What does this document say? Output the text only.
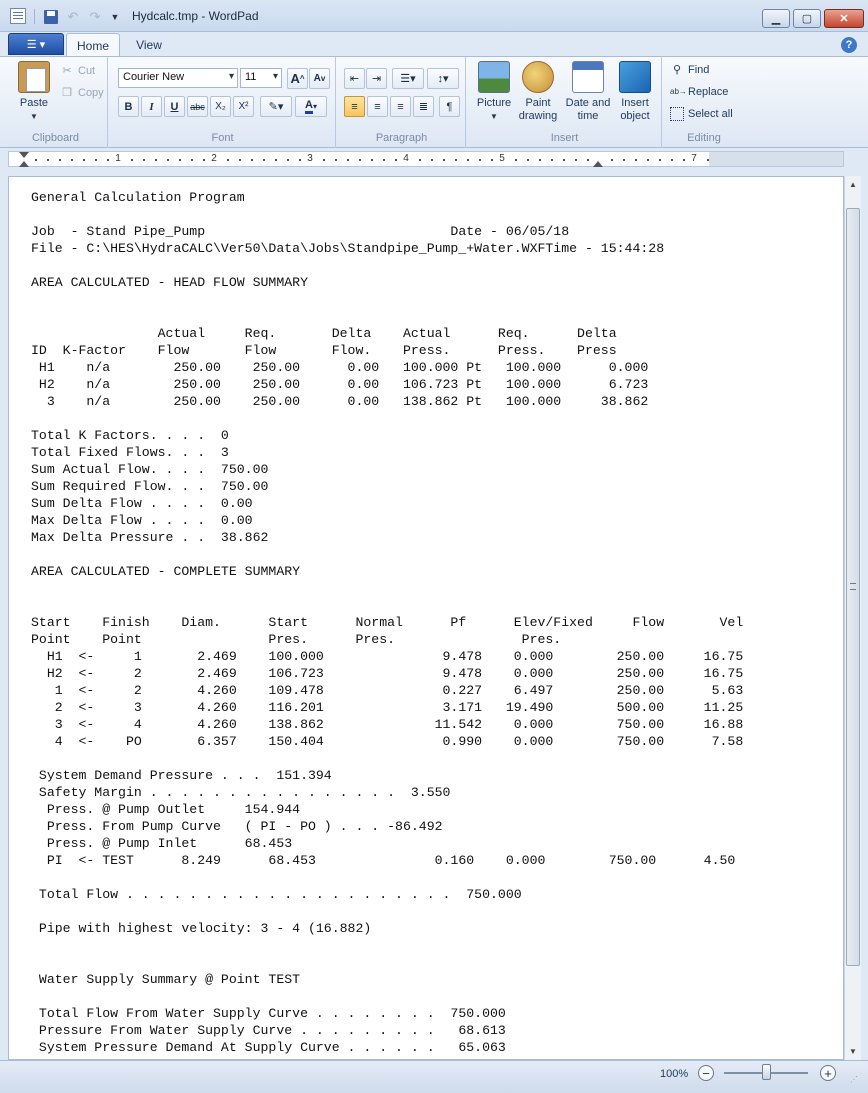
↶ ↷ ▼ Hydcalc.tmp - WordPad	▁ ▢ ✕
☰ ▾	Home	View	?
Paste
▼
✂ Cut
❐ Copy
Clipboard
Courier New ▾	11 ▾	A ^ A v
B	I	U	abc	X₂	X²	✎▾ A ▾
Font
⇤ ⇥ ☰▾ ↕▾
≡ ≡ ≡ ≣ ¶
Paragraph
Picture
▼
Paint
drawing
Date and
time
Insert
object
Insert
⚲ Find
ab→ Replace
Select all
Editing
1	2	3	4	5	7
General Calculation Program

Job  - Stand Pipe_Pump                               Date - 06/05/18
File - C:\HES\HydraCALC\Ver50\Data\Jobs\Standpipe_Pump_+Water.WXFTime - 15:44:28

AREA CALCULATED - HEAD FLOW SUMMARY

Actual     Req.       Delta    Actual      Req.      Delta
ID  K-Factor    Flow       Flow       Flow.    Press.      Press.    Press
H1    n/a        250.00    250.00      0.00   100.000 Pt   100.000      0.000
H2    n/a        250.00    250.00      0.00   106.723 Pt   100.000      6.723
3    n/a        250.00    250.00      0.00   138.862 Pt   100.000     38.862

Total K Factors. . . .  0
Total Fixed Flows. . .  3
Sum Actual Flow. . . .  750.00
Sum Required Flow. . .  750.00
Sum Delta Flow . . . .  0.00
Max Delta Flow . . . .  0.00
Max Delta Pressure . .  38.862

AREA CALCULATED - COMPLETE SUMMARY

Start    Finish    Diam.      Start      Normal      Pf      Elev/Fixed     Flow       Vel
Point    Point                Pres.      Pres.                Pres.
H1  <-     1       2.469    100.000               9.478    0.000        250.00     16.75
H2  <-     2       2.469    106.723               9.478    0.000        250.00     16.75
1  <-     2       4.260    109.478               0.227    6.497        250.00      5.63
2  <-     3       4.260    116.201               3.171   19.490        500.00     11.25
3  <-     4       4.260    138.862              11.542    0.000        750.00     16.88
4  <-    PO       6.357    150.404               0.990    0.000        750.00      7.58

System Demand Pressure . . .  151.394
Safety Margin . . . . . . . . . . . . . . . .  3.550
Press. @ Pump Outlet     154.944
Press. From Pump Curve   ( PI - PO ) . . . -86.492
Press. @ Pump Inlet      68.453
PI  <- TEST      8.249      68.453               0.160    0.000        750.00      4.50

Total Flow . . . . . . . . . . . . . . . . . . . . .  750.000

Pipe with highest velocity: 3 - 4 (16.882)

Water Supply Summary @ Point TEST

Total Flow From Water Supply Curve . . . . . . . .  750.000
Pressure From Water Supply Curve . . . . . . . . .   68.613
System Pressure Demand At Supply Curve . . . . . .   65.063
▲
▼
100% −	+ ⋰
